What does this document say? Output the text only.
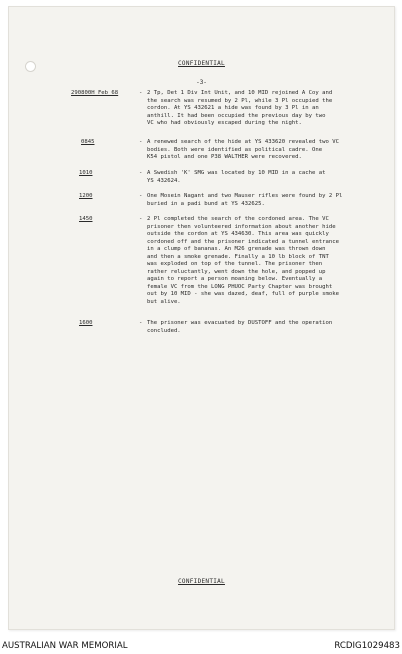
CONFIDENTIAL
-3-
290800H Feb 68	- 2 Tp, Det 1 Div Int Unit, and 10 MID rejoined A Coy and
the search was resumed by 2 Pl, while 3 Pl occupied the
cordon. At YS 432621 a hide was found by 3 Pl in an
anthill. It had been occupied the previous day by two
VC who had obviously escaped during the night.
0845	- A renewed search of the hide at YS 433620 revealed two VC
bodies. Both were identified as political cadre. One
K54 pistol and one P38 WALTHER were recovered.
1010	- A Swedish 'K' SMG was located by 10 MID in a cache at
YS 432624.
1200	- One Mosein Nagant and two Mauser rifles were found by 2 Pl
buried in a padi bund at YS 432625.
1450	- 2 Pl completed the search of the cordoned area. The VC
prisoner then volunteered information about another hide
outside the cordon at YS 434630. This area was quickly
cordoned off and the prisoner indicated a tunnel entrance
in a clump of bananas. An M26 grenade was thrown down
and then a smoke grenade. Finally a 10 lb block of TNT
was exploded on top of the tunnel. The prisoner then
rather reluctantly, went down the hole, and popped up
again to report a person moaning below. Eventually a
female VC from the LONG PHUOC Party Chapter was brought
out by 10 MID - she was dazed, deaf, full of purple smoke
but alive.
1600	- The prisoner was evacuated by DUSTOFF and the operation
concluded.
CONFIDENTIAL
AUSTRALIAN WAR MEMORIAL	RCDIG1029483
